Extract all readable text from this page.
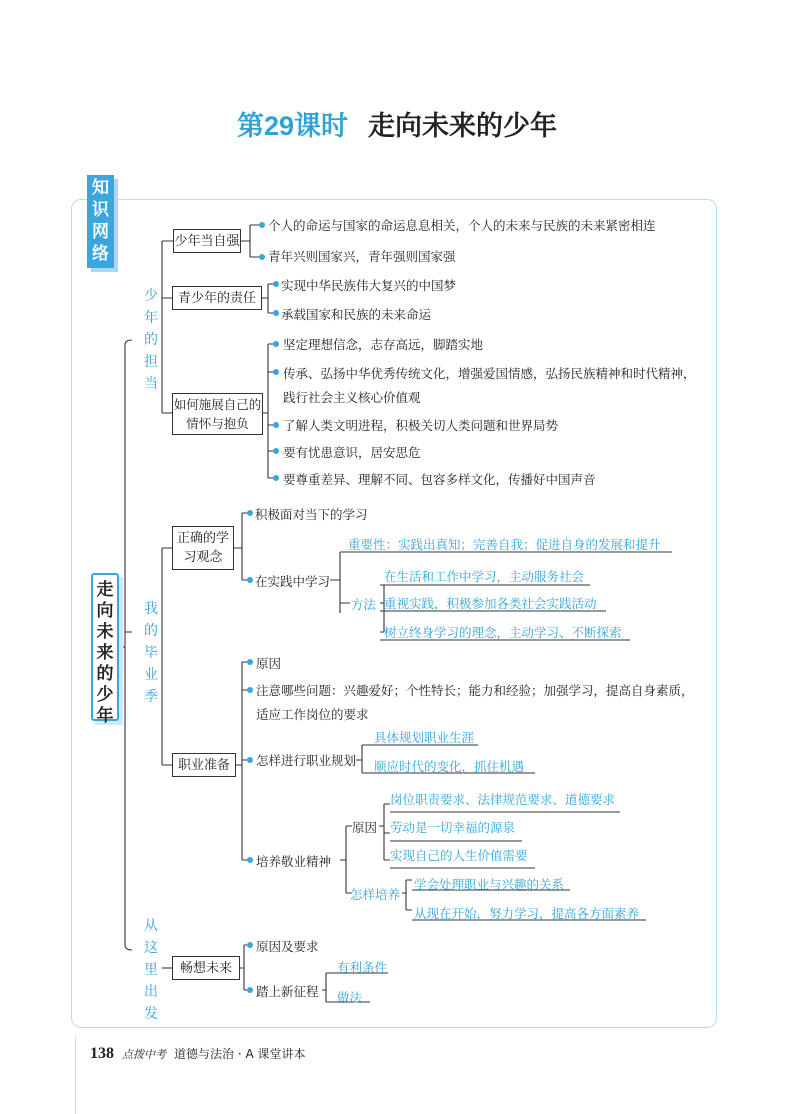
第29课时 走向未来的少年
知识网络
走向未来的少年
少年的担当
我的毕业季
从这里出发
少年当自强
青少年的责任
如何施展自己的情怀与抱负
正确的学习观念
职业准备
畅想未来
个人的命运与国家的命运息息相关，个人的未来与民族的未来紧密相连
青年兴则国家兴，青年强则国家强
实现中华民族伟大复兴的中国梦
承载国家和民族的未来命运
坚定理想信念，志存高远，脚踏实地
传承、弘扬中华优秀传统文化，增强爱国情感，弘扬民族精神和时代精神，
践行社会主义核心价值观
了解人类文明进程，积极关切人类问题和世界局势
要有忧患意识，居安思危
要尊重差异、理解不同、包容多样文化，传播好中国声音
积极面对当下的学习
在实践中学习
重要性：实践出真知；完善自我；促进自身的发展和提升
方法
在生活和工作中学习，主动服务社会
重视实践，积极参加各类社会实践活动
树立终身学习的理念，主动学习、不断探索
原因
注意哪些问题：兴趣爱好；个性特长；能力和经验；加强学习，提高自身素质，
适应工作岗位的要求
怎样进行职业规划
具体规划职业生涯
顺应时代的变化，抓住机遇
培养敬业精神
原因
岗位职责要求、法律规范要求、道德要求
劳动是一切幸福的源泉
实现自己的人生价值需要
怎样培养
学会处理职业与兴趣的关系
从现在开始，努力学习，提高各方面素养
原因及要求
踏上新征程
有利条件
做法
138 点拨中考 道德与法治 · A 课堂讲本
